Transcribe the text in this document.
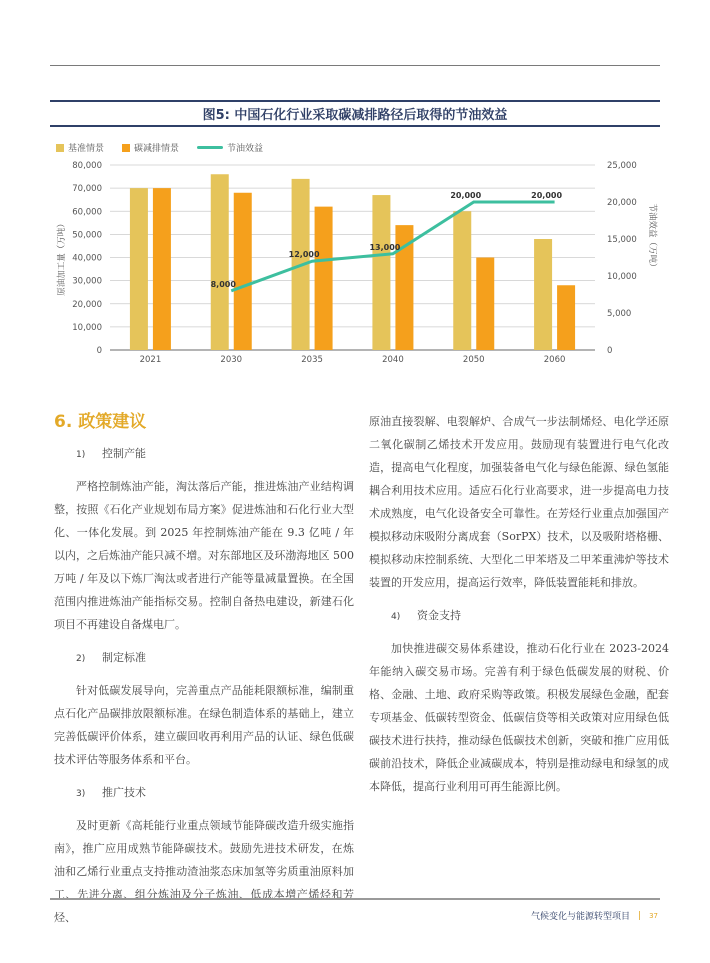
图5: 中国石化行业采取碳减排路径后取得的节油效益
基准情景	碳减排情景	节油效益
0
10,000
20,000
30,000
40,000
50,000
60,000
70,000
80,000
0
5,000
10,000
15,000
20,000
25,000
2021	2030
8,000
2035
12,000
2040
13,000
2050
20,000
2060
20,000
原油加工量（万吨）	节油效益（万吨）
6. 政策建议
1) 控制产能

严格控制炼油产能，淘汰落后产能，推进炼油产业结构调整，按照《石化产业规划布局方案》促进炼油和石化行业大型化、一体化发展。到 2025 年控制炼油产能在 9.3 亿吨 / 年以内，之后炼油产能只减不增。对东部地区及环渤海地区 500 万吨 / 年及以下炼厂淘汰或者进行产能等量减量置换。在全国范围内推进炼油产能指标交易。控制自备热电建设，新建石化项目不再建设自备煤电厂。

2) 制定标准

针对低碳发展导向，完善重点产品能耗限额标准，编制重点石化产品碳排放限额标准。在绿色制造体系的基础上，建立完善低碳评价体系，建立碳回收再利用产品的认证、绿色低碳技术评估等服务体系和平台。

3) 推广技术

及时更新《高耗能行业重点领域节能降碳改造升级实施指南》，推广应用成熟节能降碳技术。鼓励先进技术研发，在炼油和乙烯行业重点支持推动渣油浆态床加氢等劣质重油原料加工、先进分离、组分炼油及分子炼油、低成本增产烯烃和芳烃、

原油直接裂解、电裂解炉、合成气一步法制烯烃、电化学还原二氧化碳制乙烯技术开发应用。鼓励现有装置进行电气化改造，提高电气化程度，加强装备电气化与绿色能源、绿色氢能耦合利用技术应用。适应石化行业高要求，进一步提高电力技术成熟度，电气化设备安全可靠性。在芳烃行业重点加强国产模拟移动床吸附分离成套（SorPX）技术，以及吸附塔格栅、模拟移动床控制系统、大型化二甲苯塔及二甲苯重沸炉等技术装置的开发应用，提高运行效率，降低装置能耗和排放。

4) 资金支持

加快推进碳交易体系建设，推动石化行业在 2023-2024 年能纳入碳交易市场。完善有利于绿色低碳发展的财税、价格、金融、土地、政府采购等政策。积极发展绿色金融，配套专项基金、低碳转型资金、低碳信贷等相关政策对应用绿色低碳技术进行扶持，推动绿色低碳技术创新，突破和推广应用低碳前沿技术，降低企业减碳成本，特别是推动绿电和绿氢的成本降低，提高行业利用可再生能源比例。

气候变化与能源转型项目 | 37
